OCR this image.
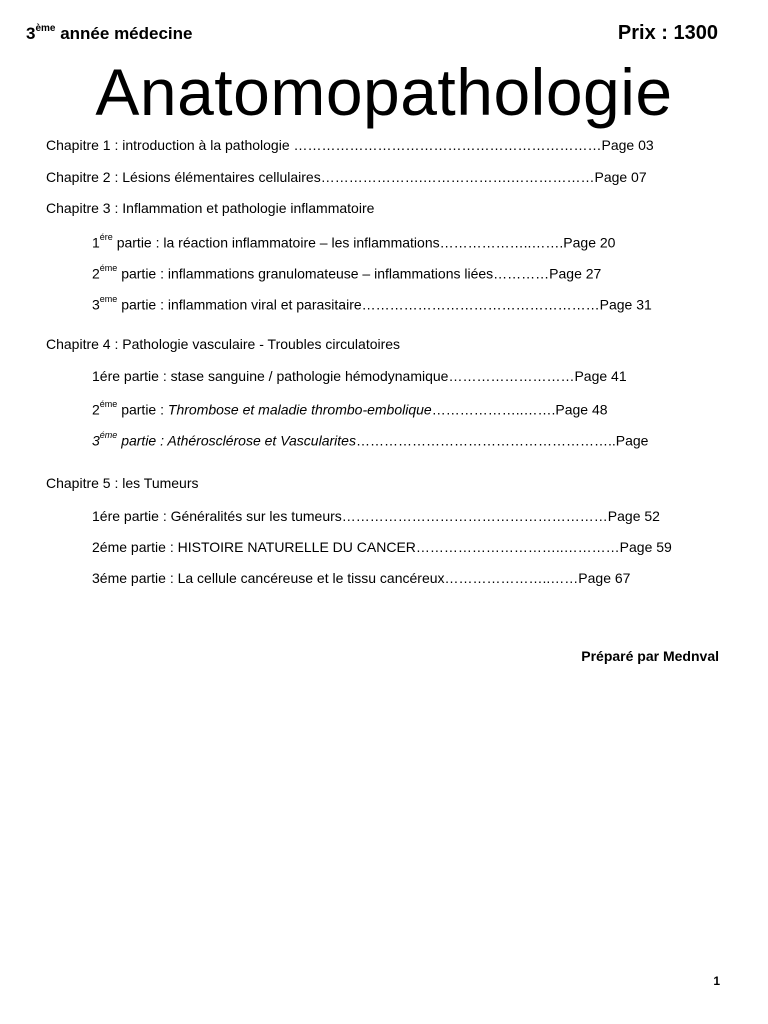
3ème année médecine	Prix : 1300
Anatomopathologie
Chapitre 1 : introduction à la pathologie …………………………………………………………Page 03
Chapitre 2 : Lésions élémentaires cellulaires………………….……………….………………Page 07
Chapitre 3 : Inflammation et pathologie inflammatoire
$1^{ére}$ partie : la réaction inflammatoire – les inflammations………………..…….Page 20
$2^{éme}$ partie : inflammations granulomateuse – inflammations liées…………Page 27
3eme partie : inflammation viral et parasitaire……………………………………………Page 31
Chapitre 4 : Pathologie vasculaire - Troubles circulatoires
1ére partie : stase sanguine / pathologie hémodynamique………………………Page 41
$2^{éme}$ partie : Thrombose et maladie thrombo-embolique………………..…….Page 48
$3^{éme}$ partie : Athérosclérose et Vascularites………………………………………………..Page
Chapitre 5 : les Tumeurs
1ére partie : Généralités sur les tumeurs…………………………………………………Page 52
2éme partie : HISTOIRE NATURELLE DU CANCER…………………………..…………Page 59
3éme partie : La cellule cancéreuse et le tissu cancéreux…………………..……Page 67
Préparé par Mednval
1
